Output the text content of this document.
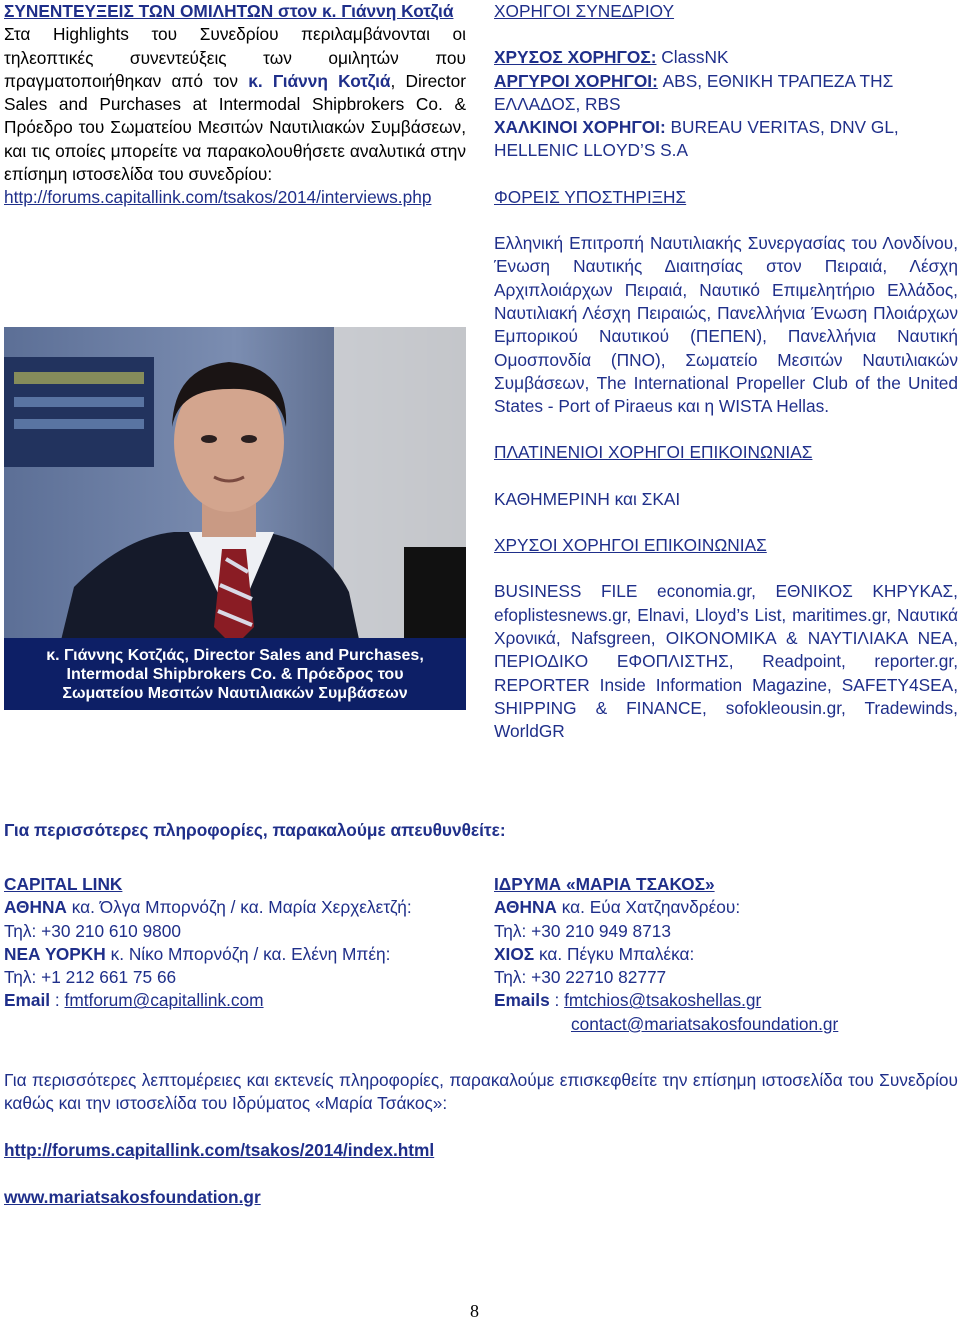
ΣΥΝΕΝΤΕΥΞΕΙΣ ΤΩΝ ΟΜΙΛΗΤΩΝ στον κ. Γιάννη Κοτζιά
Στα Highlights του Συνεδρίου περιλαμβάνονται οι τηλεοπτικές συνεντεύξεις των ομιλητών που πραγματοποιήθηκαν από τον κ. Γιάννη Κοτζιά, Director Sales and Purchases at Intermodal Shipbrokers Co. & Πρόεδρο του Σωματείου Μεσιτών Ναυτιλιακών Συμβάσεων, και τις οποίες μπορείτε να παρακολουθήσετε αναλυτικά στην επίσημη ιστοσελίδα του συνεδρίου:
http://forums.capitallink.com/tsakos/2014/interviews.php
κ. Γιάννης Κοτζιάς, Director Sales and Purchases,
Intermodal Shipbrokers Co. & Πρόεδρος του
Σωματείου Μεσιτών Ναυτιλιακών Συμβάσεων
ΧΟΡΗΓΟΙ ΣΥΝΕΔΡΙΟΥ
ΧΡΥΣΟΣ ΧΟΡΗΓΟΣ: ClassNK
ΑΡΓΥΡΟΙ ΧΟΡΗΓΟΙ: ABS, ΕΘΝΙΚΗ ΤΡΑΠΕΖΑ ΤΗΣ ΕΛΛΑΔΟΣ, RBS
ΧΑΛΚΙΝΟΙ ΧΟΡΗΓΟΙ: BUREAU VERITAS, DNV GL, HELLENIC LLOYD’S S.A
ΦΟΡΕΙΣ ΥΠΟΣΤΗΡΙΞΗΣ
Ελληνική Επιτροπή Ναυτιλιακής Συνεργασίας του Λονδίνου, Ένωση Ναυτικής Διαιτησίας στον Πειραιά, Λέσχη Αρχιπλοιάρχων Πειραιά, Ναυτικό Επιμελητήριο Ελλάδος, Ναυτιλιακή Λέσχη Πειραιώς, Πανελλήνια Ένωση Πλοιάρχων Εμπορικού Ναυτικού (ΠΕΠΕΝ), Πανελλήνια Ναυτική Ομοσπονδία (ΠΝΟ), Σωματείο Μεσιτών Ναυτιλιακών Συμβάσεων, The International Propeller Club of the United States - Port of Piraeus και η WISTA Hellas.
ΠΛΑΤΙΝΕΝΙΟΙ ΧΟΡΗΓΟΙ ΕΠΙΚΟΙΝΩΝΙΑΣ
ΚΑΘΗΜΕΡΙΝΗ και ΣΚΑΙ
ΧΡΥΣΟΙ ΧΟΡΗΓΟΙ ΕΠΙΚΟΙΝΩΝΙΑΣ
BUSINESS FILE economia.gr, ΕΘΝΙΚΟΣ ΚΗΡΥΚΑΣ, efoplistesnews.gr, Elnavi, Lloyd’s List, maritimes.gr, Ναυτικά Χρονικά, Nafsgreen, ΟΙΚΟΝΟΜΙΚΑ & ΝΑΥΤΙΛΙΑΚΑ ΝΕΑ, ΠΕΡΙΟΔΙΚΟ ΕΦΟΠΛΙΣΤΗΣ, Readpoint, reporter.gr, REPORTER Inside Information Magazine, SAFETY4SEA, SHIPPING & FINANCE, sofokleousin.gr, Tradewinds, WorldGR
Για περισσότερες πληροφορίες, παρακαλούμε απευθυνθείτε:
CAPITAL LINK
ΑΘΗΝΑ κα. Όλγα Μπορνόζη / κα. Μαρία Χερχελετζή:
Τηλ: +30 210 610 9800
ΝΕΑ ΥΟΡΚΗ κ. Νίκο Μπορνόζη / κα. Ελένη Μπέη:
Τηλ: +1 212 661 75 66
Email : fmtforum@capitallink.com
ΙΔΡΥΜΑ «ΜΑΡΙΑ ΤΣΑΚΟΣ»
ΑΘΗΝΑ κα. Εύα Χατζηανδρέου:
Τηλ: +30 210 949 8713
ΧΙΟΣ κα. Πέγκυ Μπαλέκα:
Τηλ: +30 22710 82777
Emails : fmtchios@tsakoshellas.gr
contact@mariatsakosfoundation.gr
Για περισσότερες λεπτομέρειες και εκτενείς πληροφορίες, παρακαλούμε επισκεφθείτε την επίσημη ιστοσελίδα του Συνεδρίου καθώς και την ιστοσελίδα του Ιδρύματος «Μαρία Τσάκος»:
http://forums.capitallink.com/tsakos/2014/index.html
www.mariatsakosfoundation.gr
8
